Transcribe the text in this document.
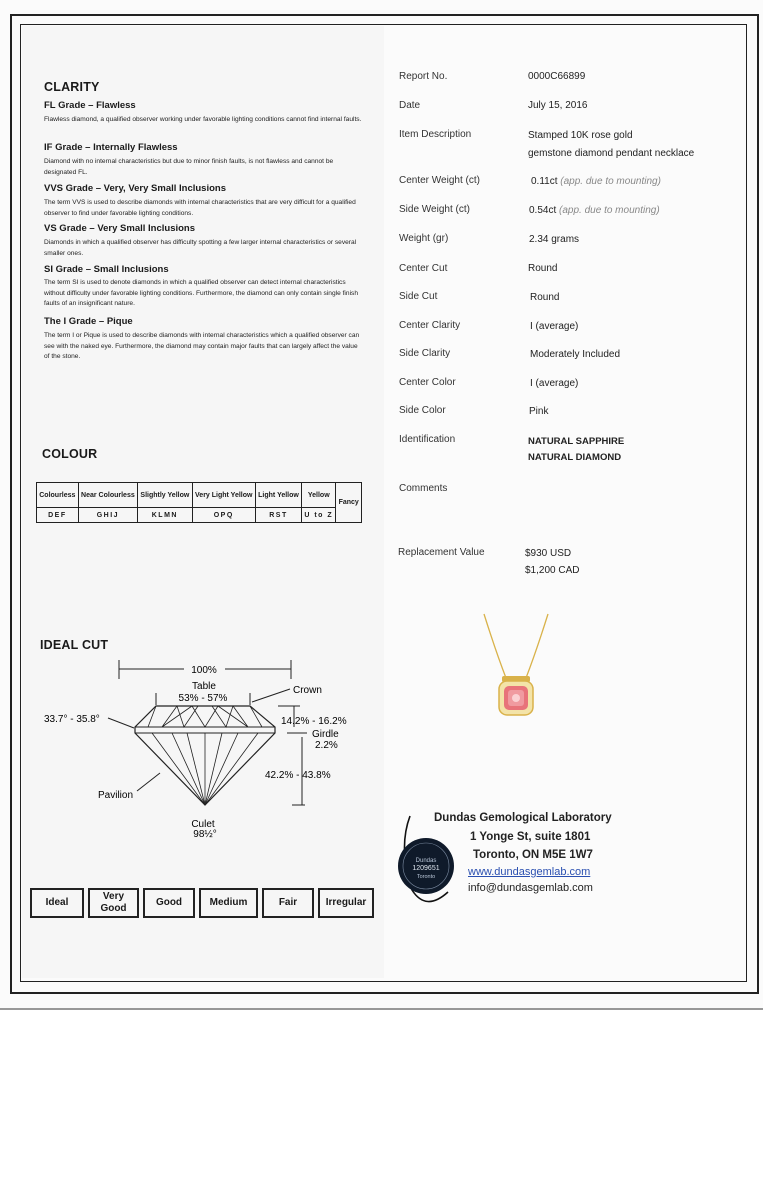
CLARITY
FL Grade – Flawless
Flawless diamond, a qualified observer working under favorable lighting conditions cannot find internal faults.
IF Grade – Internally Flawless
Diamond with no internal characteristics but due to minor finish faults, is not flawless and cannot be designated FL.
VVS Grade – Very, Very Small Inclusions
The term VVS is used to describe diamonds with internal characteristics that are very difficult for a qualified observer to find under favorable lighting conditions.
VS Grade – Very Small Inclusions
Diamonds in which a qualified observer has difficulty spotting a few larger internal characteristics or several smaller ones.
SI Grade – Small Inclusions
The term SI is used to denote diamonds in which a qualified observer can detect internal characteristics without difficulty under favorable lighting conditions. Furthermore, the diamond can only contain single finish faults of an insignificant nature.
The I Grade – Pique
The term I or Pique is used to describe diamonds with internal characteristics which a qualified observer can see with the naked eye. Furthermore, the diamond may contain major faults that can largely affect the value of the stone.
COLOUR
Colourless	Near Colourless	Slightly Yellow	Very Light Yellow	Light Yellow	Yellow	Fancy
DEF	GHIJ	KLMN	OPQ	RST	U to Z	
IDEAL CUT
100%
Table
53% - 57%
Crown
33.7° - 35.8°	14.2% - 16.2%
Girdle
2.2%
42.2% - 43.8%
Pavilion
Culet
98½°
Ideal
Very Good
Good	Medium	Fair	Irregular
Report No.	0000C66899
Date	July 15, 2016
Item Description	Stamped 10K rose gold
gemstone diamond pendant necklace
Center Weight (ct)	0.11ct (app. due to mounting)
Side Weight (ct)	0.54ct (app. due to mounting)
Weight (gr)	2.34 grams
Center Cut	Round
Side Cut	Round
Center Clarity	I (average)
Side Clarity	Moderately Included
Center Color	I (average)
Side Color	Pink
Identification	NATURAL SAPPHIRE
NATURAL DIAMOND
Comments
Replacement Value	$930 USD
$1,200 CAD
Dundas
1209651
Toronto
Dundas Gemological Laboratory
1 Yonge St, suite 1801
Toronto, ON M5E 1W7
www.dundasgemlab.com
info@dundasgemlab.com
